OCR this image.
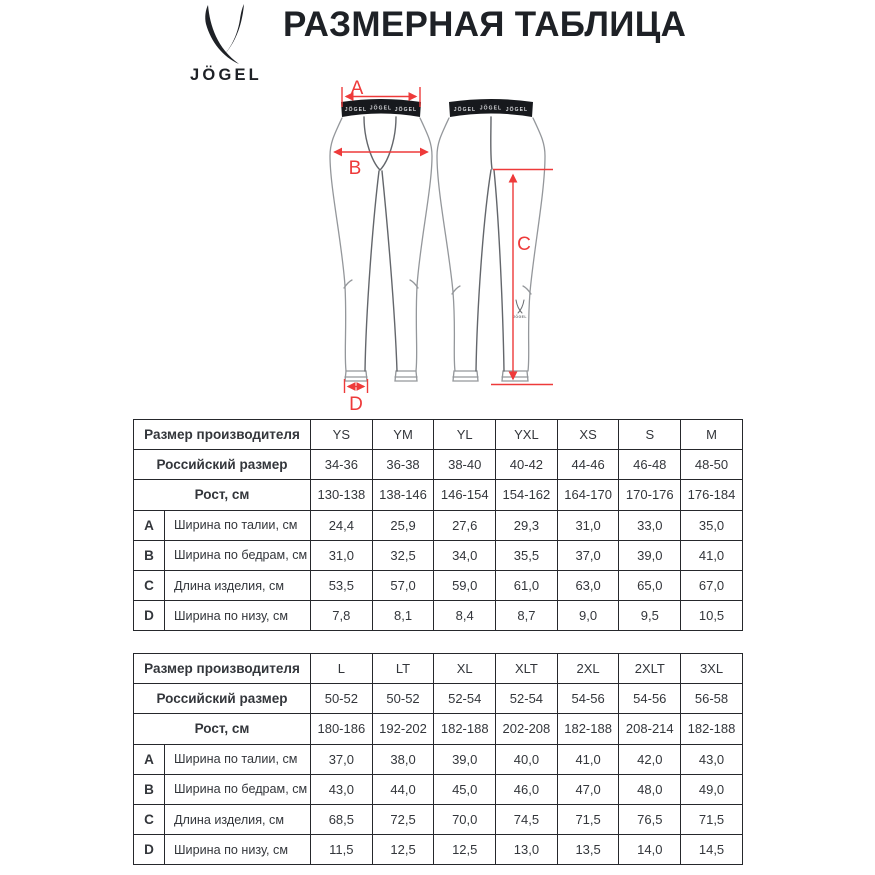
JÖGEL
РАЗМЕРНАЯ ТАБЛИЦА
JÖGEL JÖGEL JÖGEL	JÖGEL JÖGEL JÖGEL
JÖGEL
A
B
C
D
Размер производителя		YS	YM	YL	YXL	XS	S	M
Российский размер		34-36	36-38	38-40	40-42	44-46	46-48	48-50
Рост, см		130-138	138-146	146-154	154-162	164-170	170-176	176-184
A	Ширина по талии, см	24,4	25,9	27,6	29,3	31,0	33,0	35,0
B	Ширина по бедрам, см	31,0	32,5	34,0	35,5	37,0	39,0	41,0
C	Длина изделия, см	53,5	57,0	59,0	61,0	63,0	65,0	67,0
D	Ширина по низу, см	7,8	8,1	8,4	8,7	9,0	9,5	10,5
Размер производителя		L	LT	XL	XLT	2XL	2XLT	3XL
Российский размер		50-52	50-52	52-54	52-54	54-56	54-56	56-58
Рост, см		180-186	192-202	182-188	202-208	182-188	208-214	182-188
A	Ширина по талии, см	37,0	38,0	39,0	40,0	41,0	42,0	43,0
B	Ширина по бедрам, см	43,0	44,0	45,0	46,0	47,0	48,0	49,0
C	Длина изделия, см	68,5	72,5	70,0	74,5	71,5	76,5	71,5
D	Ширина по низу, см	11,5	12,5	12,5	13,0	13,5	14,0	14,5
